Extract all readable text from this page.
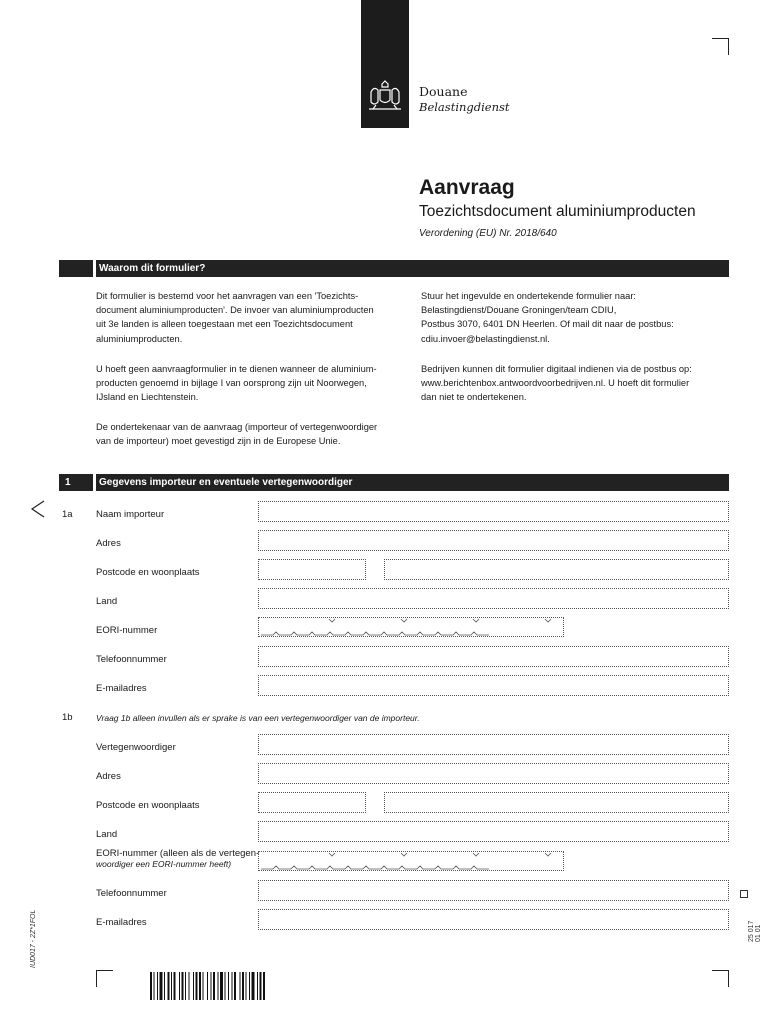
Douane
Belastingdienst
Aanvraag
Toezichtsdocument aluminiumproducten
Verordening (EU) Nr. 2018/640
Waarom dit formulier?
Dit formulier is bestemd voor het aanvragen van een 'Toezichts-
document aluminiumproducten'. De invoer van aluminiumproducten
uit 3e landen is alleen toegestaan met een Toezichtsdocument
aluminiumproducten.
U hoeft geen aanvraagformulier in te dienen wanneer de aluminium-
producten genoemd in bijlage I van oorsprong zijn uit Noorwegen,
IJsland en Liechtenstein.
De ondertekenaar van de aanvraag (importeur of vertegenwoordiger
van de importeur) moet gevestigd zijn in de Europese Unie.
Stuur het ingevulde en ondertekende formulier naar:
Belastingdienst/Douane Groningen/team CDIU,
Postbus 3070, 6401 DN Heerlen. Of mail dit naar de postbus:
cdiu.invoer@belastingdienst.nl.
Bedrijven kunnen dit formulier digitaal indienen via de postbus op:
www.berichtenbox.antwoordvoorbedrijven.nl. U hoeft dit formulier
dan niet te ondertekenen.
1	Gegevens importeur en eventuele vertegenwoordiger
1a Naam importeur
Adres
Postcode en woonplaats
Land
EORI-nummer
Telefoonnummer
E-mailadres
1b	Vraag 1b alleen invullen als er sprake is van een vertegenwoordiger van de importeur.
Vertegenwoordiger
Adres
Postcode en woonplaats
Land
EORI-nummer (alleen als de vertegen-
woordiger een EORI-nummer heeft)
Telefoonnummer
E-mailadres
IUD017 - 2Z*1FOL	25 017 01 01
